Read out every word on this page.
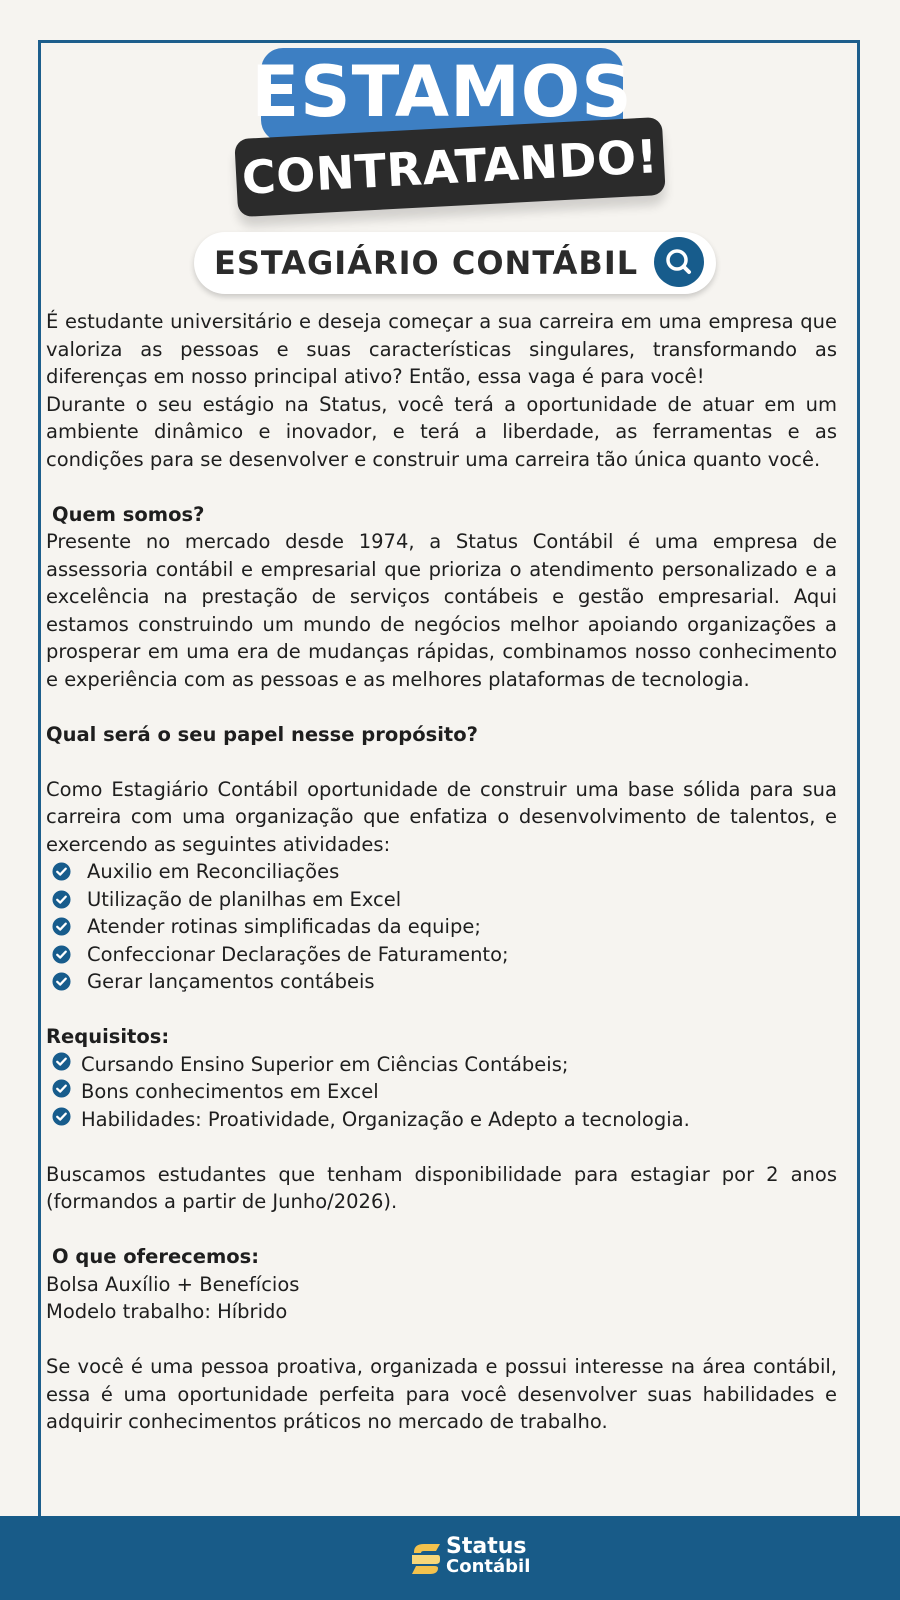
ESTAMOS
CONTRATANDO!
ESTAGIÁRIO CONTÁBIL

É estudante universitário e deseja começar a sua carreira em uma empresa que valoriza as pessoas e suas características singulares, transformando as diferenças em nosso principal ativo? Então, essa vaga é para você!

Durante o seu estágio na Status, você terá a oportunidade de atuar em um ambiente dinâmico e inovador, e terá a liberdade, as ferramentas e as condições para se desenvolver e construir uma carreira tão única quanto você.

Quem somos?

Presente no mercado desde 1974, a Status Contábil é uma empresa de assessoria contábil e empresarial que prioriza o atendimento personalizado e a excelência na prestação de serviços contábeis e gestão empresarial. Aqui estamos construindo um mundo de negócios melhor apoiando organizações a prosperar em uma era de mudanças rápidas, combinamos nosso conhecimento e experiência com as pessoas e as melhores plataformas de tecnologia.

Qual será o seu papel nesse propósito?

Como Estagiário Contábil oportunidade de construir uma base sólida para sua carreira com uma organização que enfatiza o desenvolvimento de talentos, e exercendo as seguintes atividades:

Auxilio em Reconciliações
Utilização de planilhas em Excel
Atender rotinas simplificadas da equipe;
Confeccionar Declarações de Faturamento;
Gerar lançamentos contábeis

Requisitos:

Cursando Ensino Superior em Ciências Contábeis;
Bons conhecimentos em Excel
Habilidades: Proatividade, Organização e Adepto a tecnologia.

Buscamos estudantes que tenham disponibilidade para estagiar por 2 anos (formandos a partir de Junho/2026).

O que oferecemos:

Bolsa Auxílio + Benefícios

Modelo trabalho: Híbrido

Se você é uma pessoa proativa, organizada e possui interesse na área contábil, essa é uma oportunidade perfeita para você desenvolver suas habilidades e adquirir conhecimentos práticos no mercado de trabalho.

Status
Contábil
